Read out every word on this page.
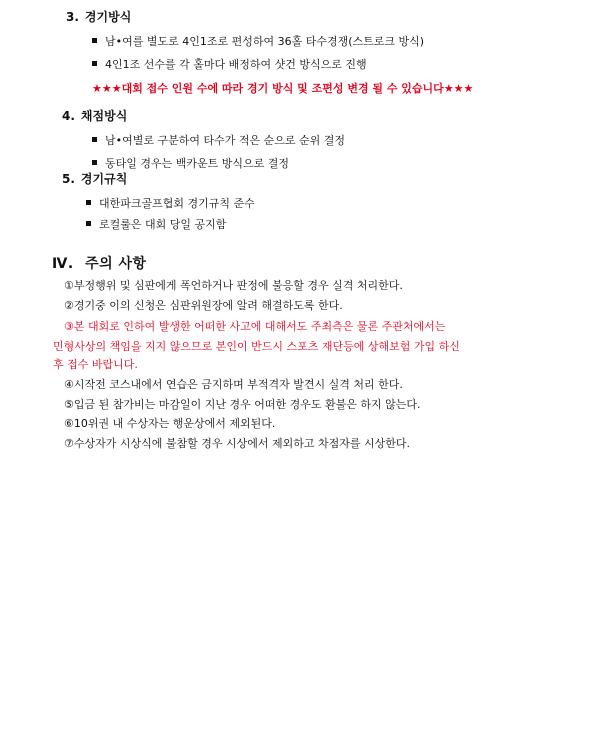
3. 경기방식
남•여를 별도로 4인1조로 편성하여 36홀 타수경쟁(스트로크 방식)
4인1조 선수를 각 홀마다 배정하여 샷건 방식으로 진행
★★★대회 접수 인원 수에 따라 경기 방식 및 조편성 변경 될 수 있습니다★★★
4. 채점방식
남•여별로 구분하여 타수가 적은 순으로 순위 결정
동타일 경우는 백카운트 방식으로 결정
5. 경기규칙
대한파크골프협회 경기규칙 준수
로컬룰은 대회 당일 공지함
Ⅳ. 주의 사항
①부정행위 및 심판에게 폭언하거나 판정에 불응할 경우 실격 처리한다.
②경기중 이의 신청은 심판위원장에 알려 해결하도록 한다.
③본 대회로 인하여 발생한 어떠한 사고에 대해서도 주최측은 물론 주관처에서는
민형사상의 책임을 지지 않으므로 본인이 반드시 스포츠 재단등에 상해보험 가입 하신
후 접수 바랍니다.
④시작전 코스내에서 연습은 금지하며 부적격자 발견시 실격 처리 한다.
⑤입금 된 참가비는 마감일이 지난 경우 어떠한 경우도 환불은 하지 않는다.
⑥10위권 내 수상자는 행운상에서 제외된다.
⑦수상자가 시상식에 불참할 경우 시상에서 제외하고 차점자를 시상한다.
